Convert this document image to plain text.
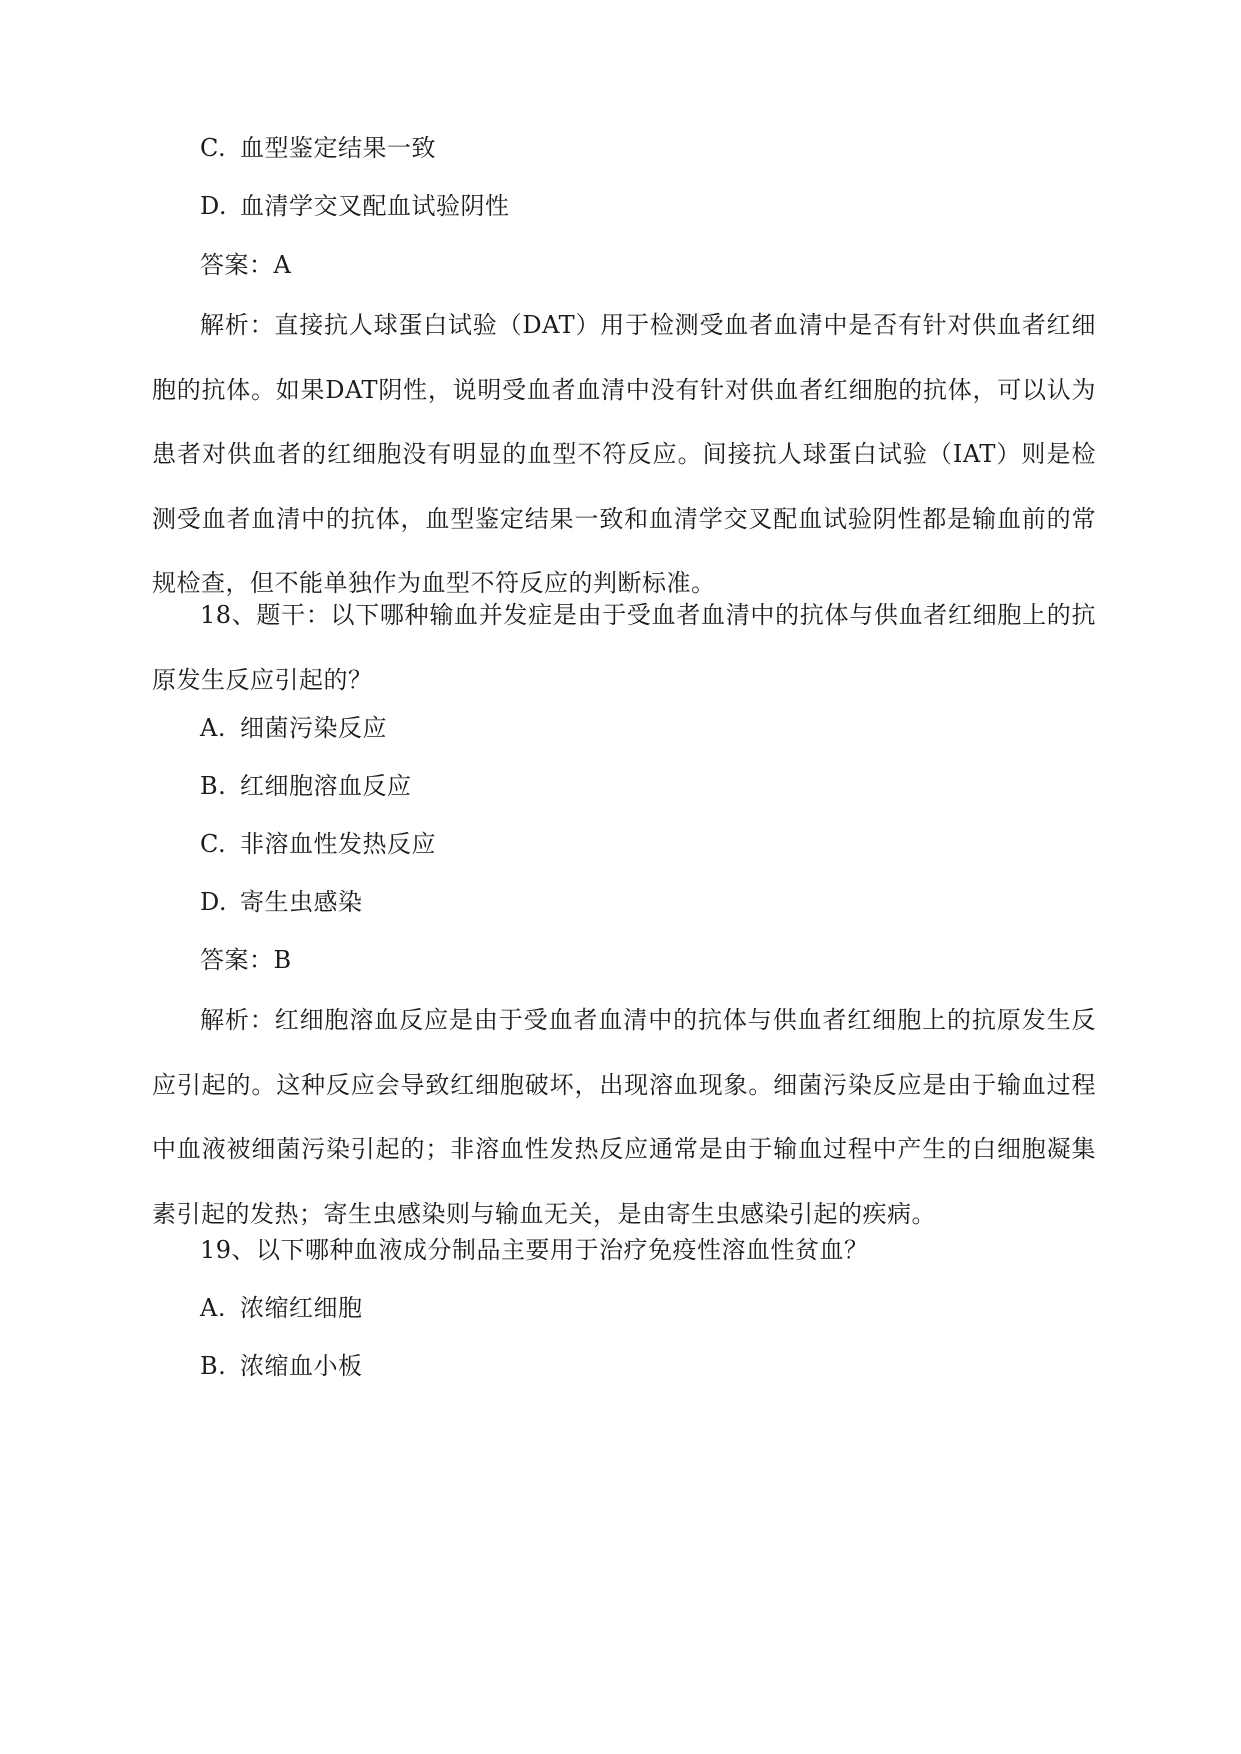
C. 血型鉴定结果一致
D. 血清学交叉配血试验阴性
答案：A
解析：直接抗人球蛋白试验（DAT）用于检测受血者血清中是否有针对供血者红细胞的抗体。如果DAT阴性，说明受血者血清中没有针对供血者红细胞的抗体，可以认为患者对供血者的红细胞没有明显的血型不符反应。间接抗人球蛋白试验（IAT）则是检测受血者血清中的抗体，血型鉴定结果一致和血清学交叉配血试验阴性都是输血前的常规检查，但不能单独作为血型不符反应的判断标准。
18、题干：以下哪种输血并发症是由于受血者血清中的抗体与供血者红细胞上的抗原发生反应引起的？
A. 细菌污染反应
B. 红细胞溶血反应
C. 非溶血性发热反应
D. 寄生虫感染
答案：B
解析：红细胞溶血反应是由于受血者血清中的抗体与供血者红细胞上的抗原发生反应引起的。这种反应会导致红细胞破坏，出现溶血现象。细菌污染反应是由于输血过程中血液被细菌污染引起的；非溶血性发热反应通常是由于输血过程中产生的白细胞凝集素引起的发热；寄生虫感染则与输血无关，是由寄生虫感染引起的疾病。
19、以下哪种血液成分制品主要用于治疗免疫性溶血性贫血？
A. 浓缩红细胞
B. 浓缩血小板
